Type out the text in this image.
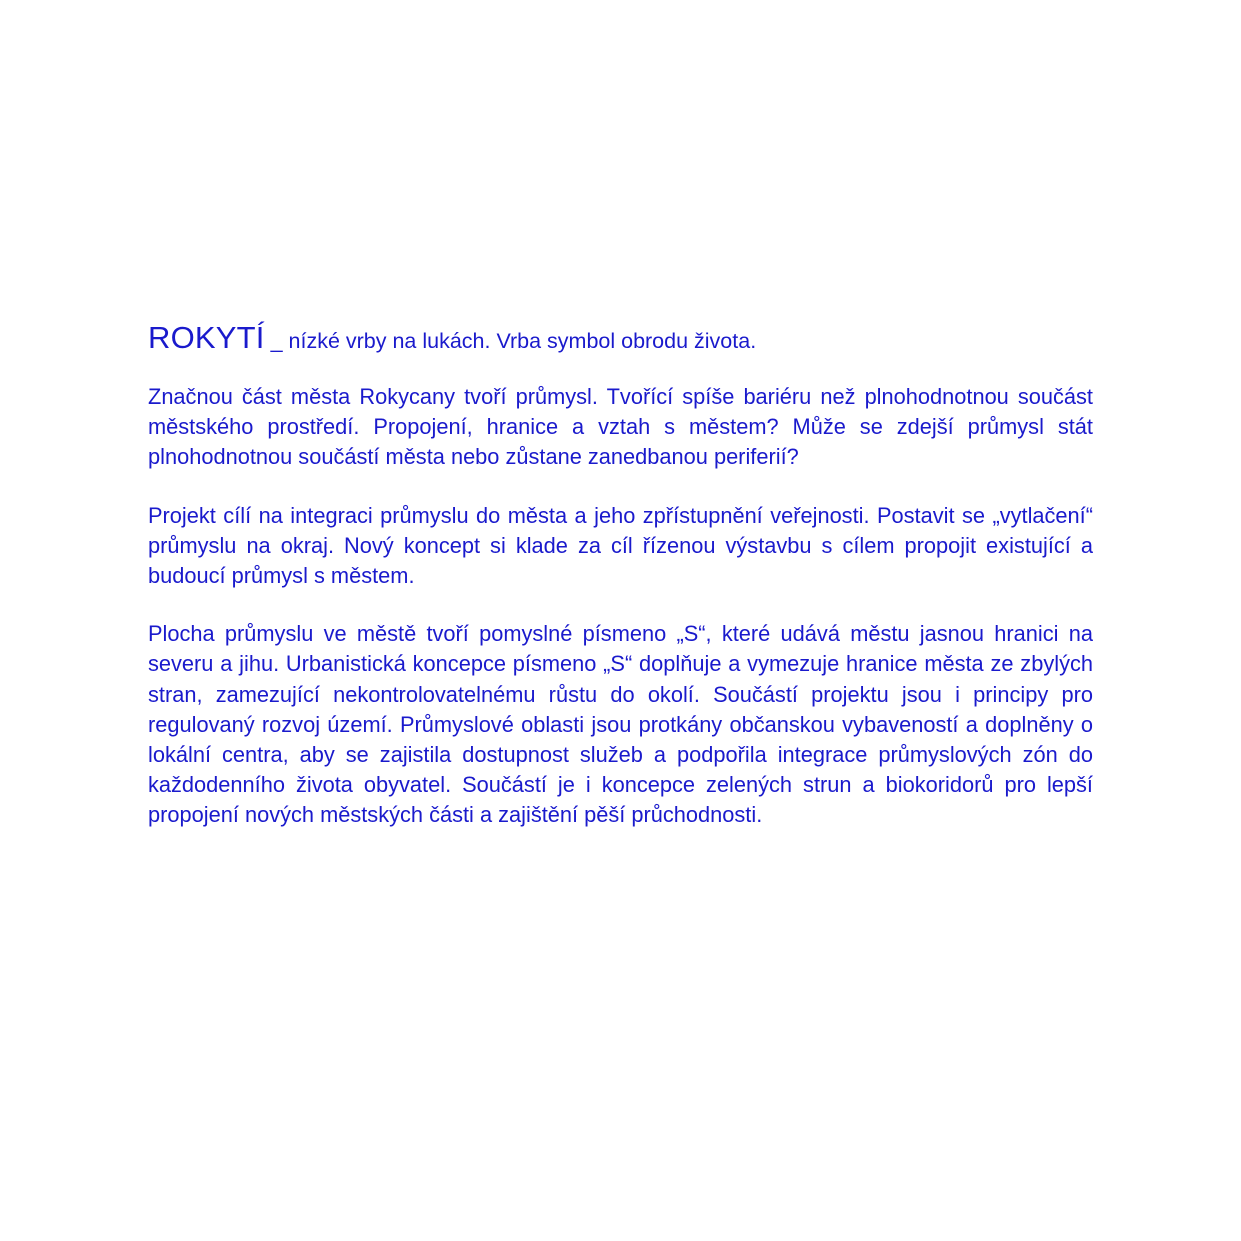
ROKYTÍ _ nízké vrby na lukách. Vrba symbol obrodu života.

Značnou část města Rokycany tvoří průmysl. Tvořící spíše bariéru než plnohodnotnou součást městského prostředí. Propojení, hranice a vztah s městem? Může se zdejší průmysl stát plnohodnotnou součástí města nebo zůstane zanedbanou periferií?

Projekt cílí na integraci průmyslu do města a jeho zpřístupnění veřejnosti. Postavit se „vytlačení“ průmyslu na okraj. Nový koncept si klade za cíl řízenou výstavbu s cílem propojit existující a budoucí průmysl s městem.

Plocha průmyslu ve městě tvoří pomyslné písmeno „S“, které udává městu jasnou hranici na severu a jihu. Urbanistická koncepce písmeno „S“ doplňuje a vymezuje hranice města ze zbylých stran, zamezující nekontrolovatelnému růstu do okolí. Součástí projektu jsou i principy pro regulovaný rozvoj území. Průmyslové oblasti jsou protkány občanskou vybaveností a doplněny o lokální centra, aby se zajistila dostupnost služeb a podpořila integrace průmyslových zón do každodenního života obyvatel. Součástí je i koncepce zelených strun a biokoridorů pro lepší propojení nových městských části a zajištění pěší průchodnosti.
